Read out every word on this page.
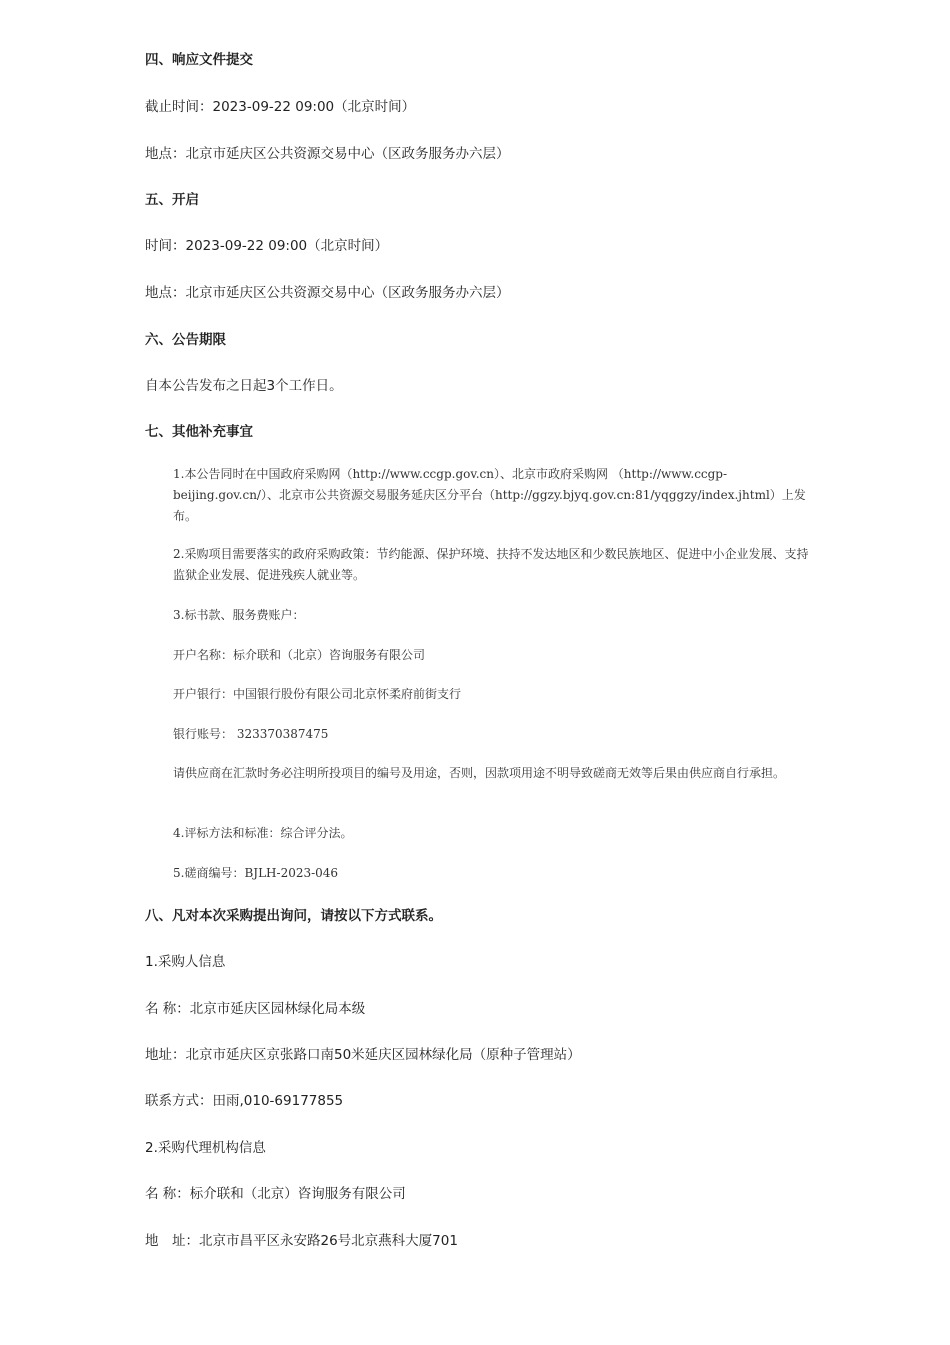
四、响应文件提交
截止时间：2023-09-22 09:00（北京时间）
地点：北京市延庆区公共资源交易中心（区政务服务办六层）
五、开启
时间：2023-09-22 09:00（北京时间）
地点：北京市延庆区公共资源交易中心（区政务服务办六层）
六、公告期限
自本公告发布之日起3个工作日。
七、其他补充事宜
1.本公告同时在中国政府采购网（http://www.ccgp.gov.cn）、北京市政府采购网 （http://www.ccgp-beijing.gov.cn/）、北京市公共资源交易服务延庆区分平台（http://ggzy.bjyq.gov.cn:81/yqggzy/index.jhtml）上发布。
2.采购项目需要落实的政府采购政策：节约能源、保护环境、扶持不发达地区和少数民族地区、促进中小企业发展、支持监狱企业发展、促进残疾人就业等。
3.标书款、服务费账户：
开户名称：标介联和（北京）咨询服务有限公司
开户银行：中国银行股份有限公司北京怀柔府前街支行
银行账号： 323370387475
请供应商在汇款时务必注明所投项目的编号及用途，否则，因款项用途不明导致磋商无效等后果由供应商自行承担。
4.评标方法和标准：综合评分法。
5.磋商编号：BJLH-2023-046
八、凡对本次采购提出询问，请按以下方式联系。
1.采购人信息
名 称：北京市延庆区园林绿化局本级
地址：北京市延庆区京张路口南50米延庆区园林绿化局（原种子管理站）
联系方式：田雨,010-69177855
2.采购代理机构信息
名 称：标介联和（北京）咨询服务有限公司
地　址：北京市昌平区永安路26号北京燕科大厦701
